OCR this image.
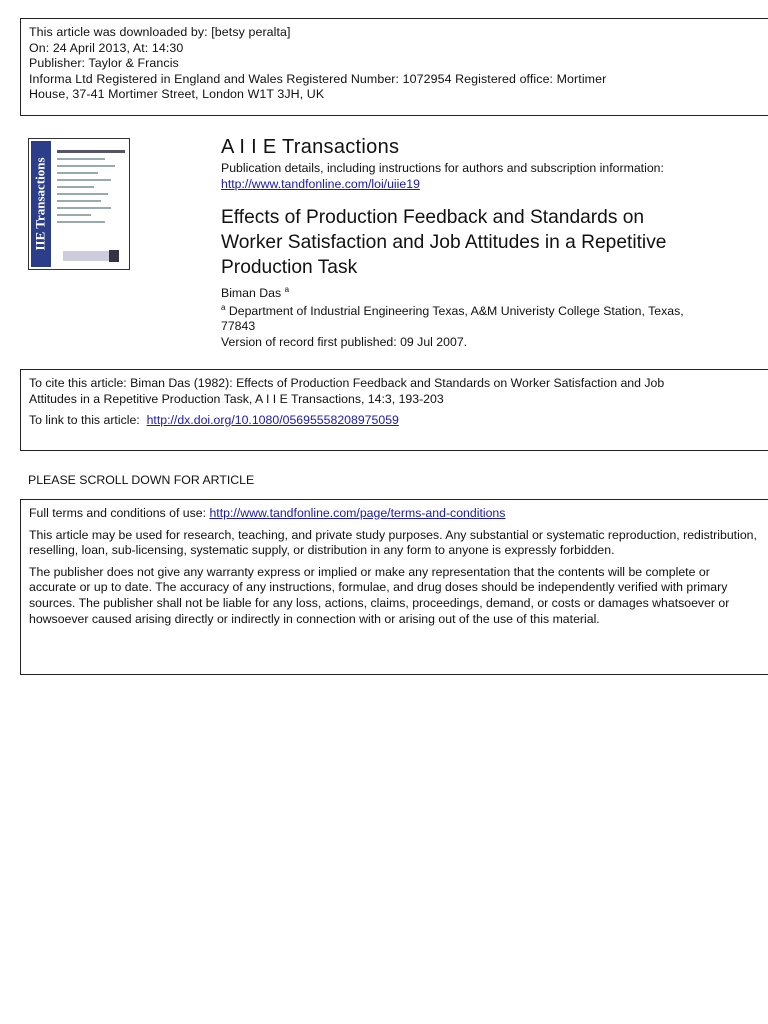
This article was downloaded by: [betsy peralta]
On: 24 April 2013, At: 14:30
Publisher: Taylor & Francis
Informa Ltd Registered in England and Wales Registered Number: 1072954 Registered office: Mortimer
House, 37-41 Mortimer Street, London W1T 3JH, UK
IIE Transactions
A I I E Transactions
Publication details, including instructions for authors and subscription information:
http://www.tandfonline.com/loi/uiie19
Effects of Production Feedback and Standards on
Worker Satisfaction and Job Attitudes in a Repetitive
Production Task
Biman Das $^a$
$^a$ Department of Industrial Engineering Texas, A&M Univeristy College Station, Texas,
77843
Version of record first published: 09 Jul 2007.
To cite this article: Biman Das (1982): Effects of Production Feedback and Standards on Worker Satisfaction and Job
Attitudes in a Repetitive Production Task, A I I E Transactions, 14:3, 193-203
To link to this article: http://dx.doi.org/10.1080/05695558208975059
PLEASE SCROLL DOWN FOR ARTICLE

Full terms and conditions of use: http://www.tandfonline.com/page/terms-and-conditions

This article may be used for research, teaching, and private study purposes. Any substantial or systematic reproduction, redistribution, reselling, loan, sub-licensing, systematic supply, or distribution in any form to anyone is expressly forbidden.

The publisher does not give any warranty express or implied or make any representation that the contents will be complete or accurate or up to date. The accuracy of any instructions, formulae, and drug doses should be independently verified with primary sources. The publisher shall not be liable for any loss, actions, claims, proceedings, demand, or costs or damages whatsoever or howsoever caused arising directly or indirectly in connection with or arising out of the use of this material.
